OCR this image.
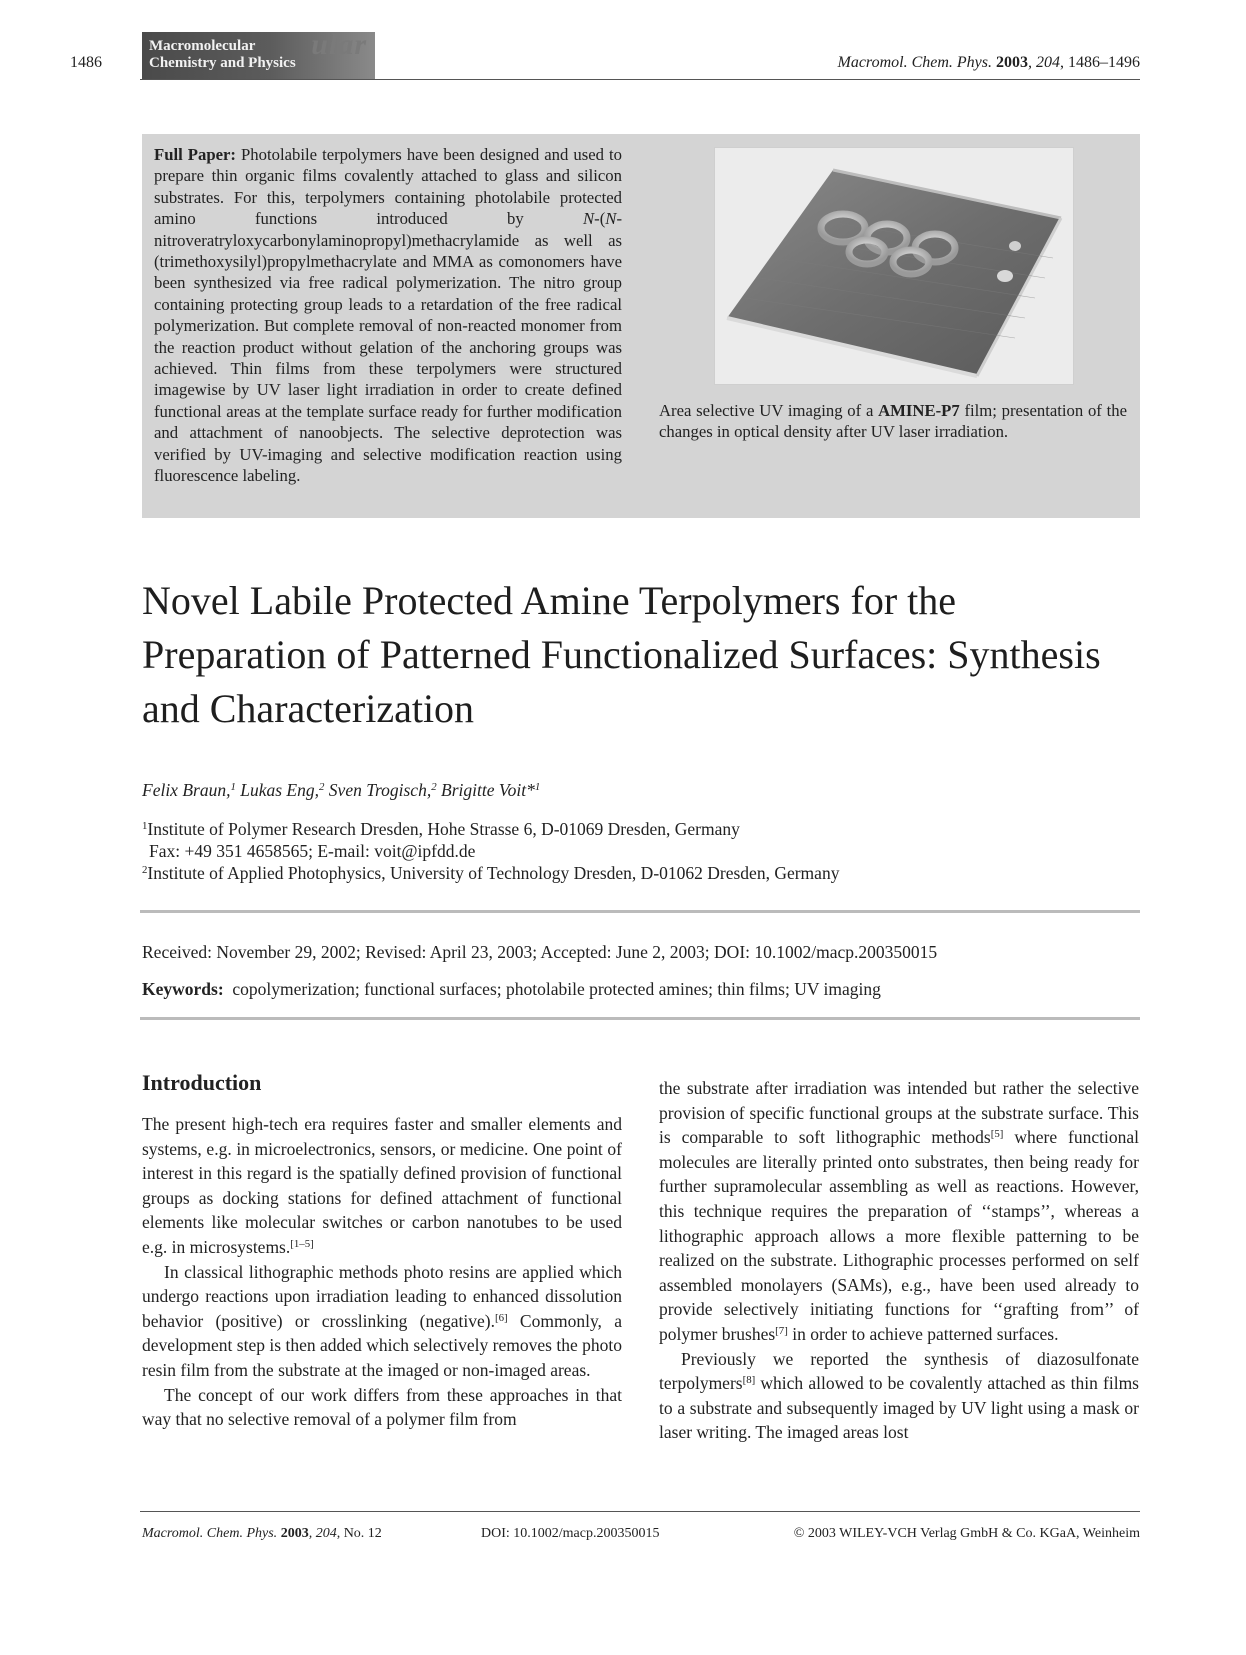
1486
Macromolecular
Chemistry and Physics
ular
Macromol. Chem. Phys. 2003, 204, 1486–1496
Full Paper: Photolabile terpolymers have been designed and used to prepare thin organic films covalently attached to glass and silicon substrates. For this, terpolymers containing photolabile protected amino functions introduced by N-(N-nitroveratryloxycarbonylaminopropyl)methacrylamide as well as (trimethoxysilyl)propylmethacrylate and MMA as comonomers have been synthesized via free radical polymerization. The nitro group containing protecting group leads to a retardation of the free radical polymerization. But complete removal of non-reacted monomer from the reaction product without gelation of the anchoring groups was achieved. Thin films from these terpolymers were structured imagewise by UV laser light irradiation in order to create defined functional areas at the template surface ready for further modification and attachment of nanoobjects. The selective deprotection was verified by UV-imaging and selective modification reaction using fluorescence labeling.
Area selective UV imaging of a AMINE-P7 film; presentation of the changes in optical density after UV laser irradiation.
Novel Labile Protected Amine Terpolymers for the Preparation of Patterned Functionalized Surfaces: Synthesis and Characterization
Felix Braun,$^1$ Lukas Eng,$^2$ Sven Trogisch,$^2$ Brigitte Voit*$^1$
$^1$Institute of Polymer Research Dresden, Hohe Strasse 6, D-01069 Dresden, Germany
Fax: +49 351 4658565; E-mail: voit@ipfdd.de
$^2$Institute of Applied Photophysics, University of Technology Dresden, D-01062 Dresden, Germany
Received: November 29, 2002; Revised: April 23, 2003; Accepted: June 2, 2003; DOI: 10.1002/macp.200350015
Keywords: copolymerization; functional surfaces; photolabile protected amines; thin films; UV imaging
Introduction

The present high-tech era requires faster and smaller elements and systems, e.g. in microelectronics, sensors, or medicine. One point of interest in this regard is the spatially defined provision of functional groups as docking stations for defined attachment of functional elements like molecular switches or carbon nanotubes to be used e.g. in microsystems.[1–5]

In classical lithographic methods photo resins are applied which undergo reactions upon irradiation leading to enhanced dissolution behavior (positive) or crosslinking (negative).[6] Commonly, a development step is then added which selectively removes the photo resin film from the substrate at the imaged or non-imaged areas.

The concept of our work differs from these approaches in that way that no selective removal of a polymer film from

the substrate after irradiation was intended but rather the selective provision of specific functional groups at the substrate surface. This is comparable to soft lithographic methods[5] where functional molecules are literally printed onto substrates, then being ready for further supramolecular assembling as well as reactions. However, this technique requires the preparation of ‘‘stamps’’, whereas a lithographic approach allows a more flexible patterning to be realized on the substrate. Lithographic processes performed on self assembled monolayers (SAMs), e.g., have been used already to provide selectively initiating functions for ‘‘grafting from’’ of polymer brushes[7] in order to achieve patterned surfaces.

Previously we reported the synthesis of diazosulfonate terpolymers[8] which allowed to be covalently attached as thin films to a substrate and subsequently imaged by UV light using a mask or laser writing. The imaged areas lost

Macromol. Chem. Phys. 2003, 204, No. 12	DOI: 10.1002/macp.200350015	© 2003 WILEY-VCH Verlag GmbH & Co. KGaA, Weinheim
